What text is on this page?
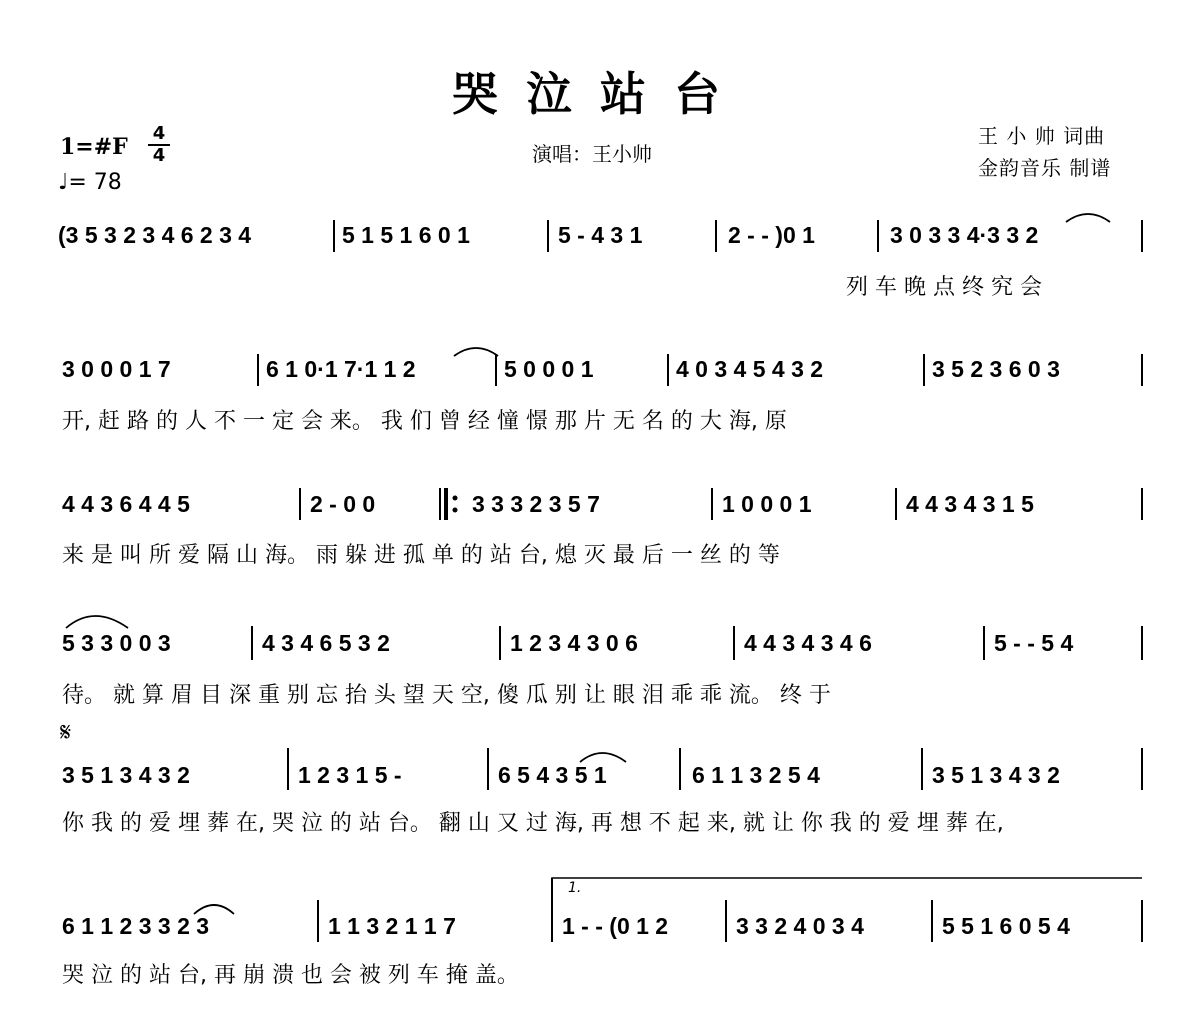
哭泣站台
演唱：王小帅
王 小 帅 词曲
金韵音乐 制谱
1=#F
4
4
♩= 78
𝄋
1.
(3 5 3 2 3 4 6 2 3 4	5 1 5 1 6 0 1	5 - 4 3 1	2 - - )0 1	3 0 3 3 4·3 3 2
列 车 晚 点 终 究 会
3 0 0 0 1 7	6 1 0·1 7·1 1 2	5 0 0 0 1	4 0 3 4 5 4 3 2	3 5 2 3 6 0 3
开, 赶 路 的 人 不 一 定 会 来。 我 们 曾 经 憧 憬 那 片 无 名 的 大 海, 原
4 4 3 6 4 4 5	2 - 0 0	3 3 3 2 3 5 7	1 0 0 0 1	4 4 3 4 3 1 5
来 是 叫 所 爱 隔 山 海。 雨 躲 进 孤 单 的 站 台, 熄 灭 最 后 一 丝 的 等
5 3 3 0 0 3	4 3 4 6 5 3 2	1 2 3 4 3 0 6	4 4 3 4 3 4 6	5 - - 5 4
待。 就 算 眉 目 深 重 别 忘 抬 头 望 天 空, 傻 瓜 别 让 眼 泪 乖 乖 流。 终 于
3 5 1 3 4 3 2	1 2 3 1 5 -	6 5 4 3 5 1	6 1 1 3 2 5 4	3 5 1 3 4 3 2
你 我 的 爱 埋 葬 在, 哭 泣 的 站 台。 翻 山 又 过 海, 再 想 不 起 来, 就 让 你 我 的 爱 埋 葬 在,
6 1 1 2 3 3 2 3	1 1 3 2 1 1 7	1 - - (0 1 2	3 3 2 4 0 3 4	5 5 1 6 0 5 4
哭 泣 的 站 台, 再 崩 溃 也 会 被 列 车 掩 盖。
